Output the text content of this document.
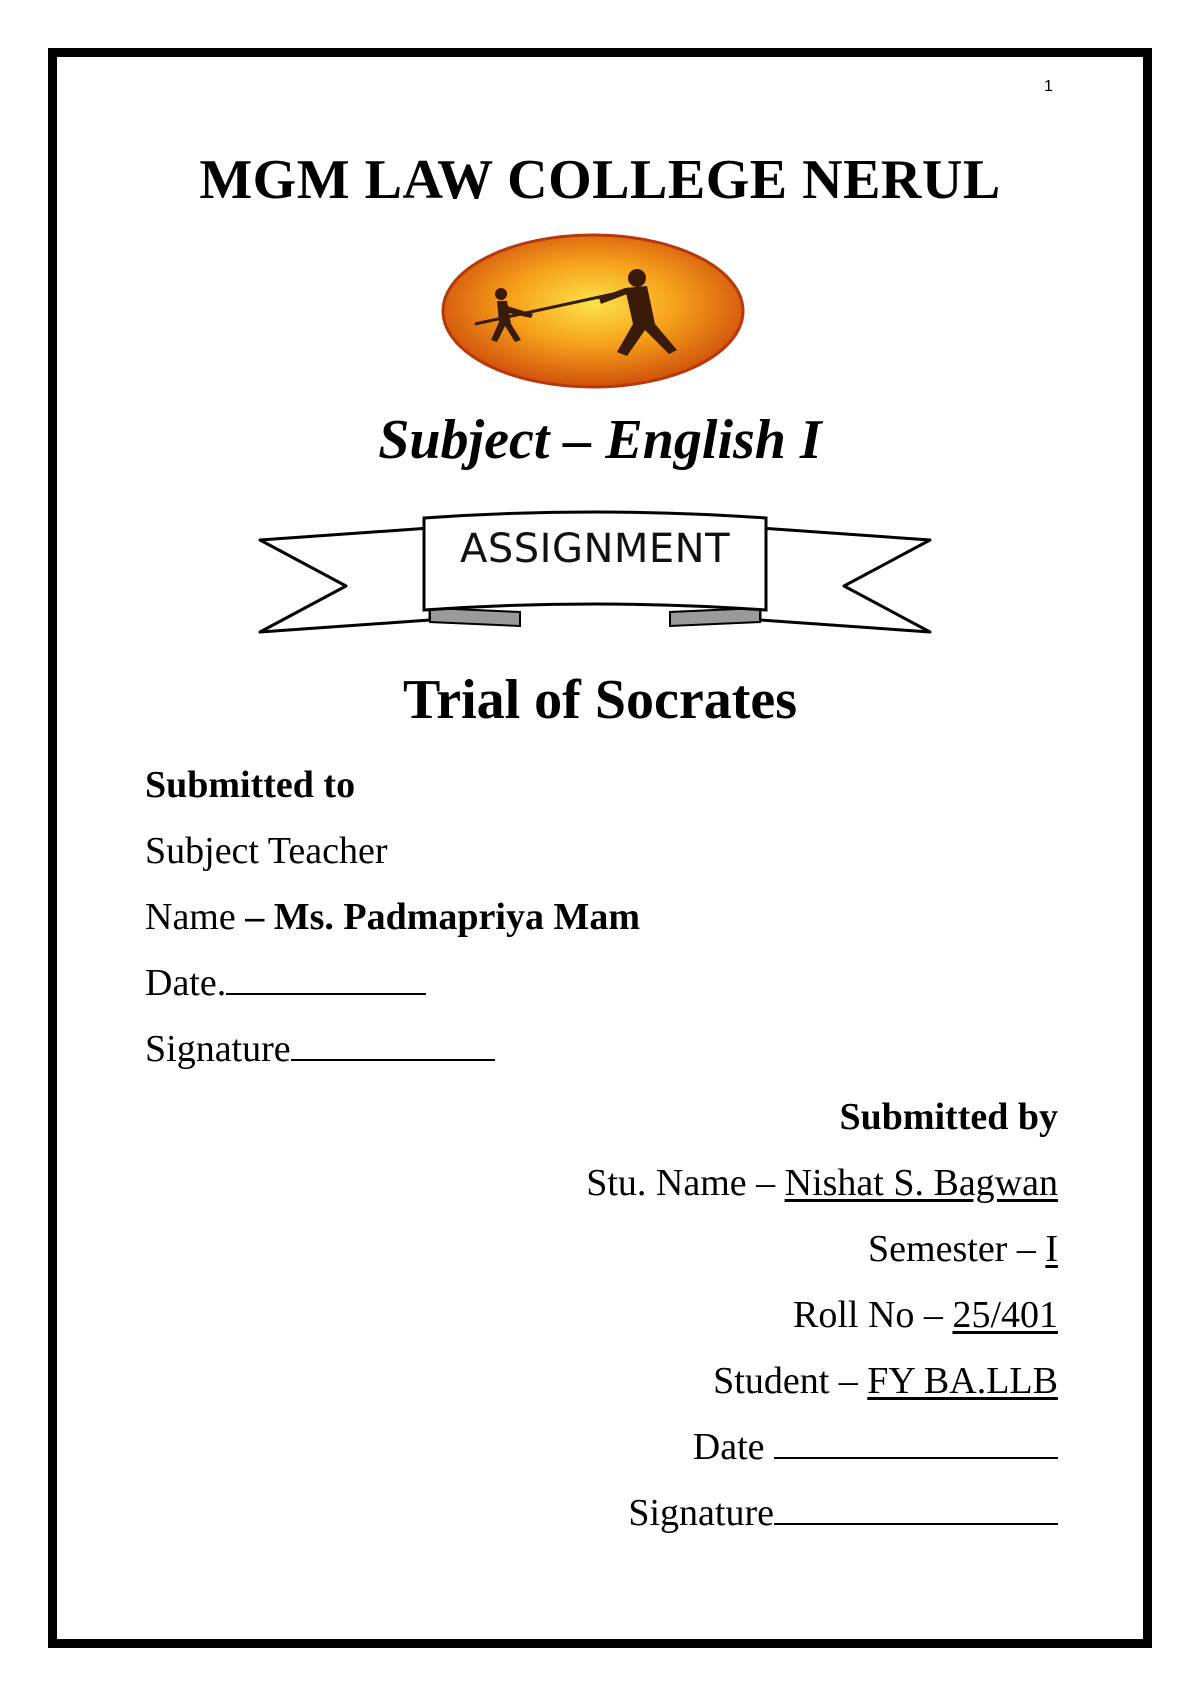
1
MGM LAW COLLEGE NERUL
Subject – English I
ASSIGNMENT
Trial of Socrates
Submitted to
Subject Teacher
Name – Ms. Padmapriya Mam
Date.
Signature
Submitted by
Stu. Name – Nishat S. Bagwan
Semester – I
Roll No – 25/401
Student – FY BA.LLB
Date
Signature
